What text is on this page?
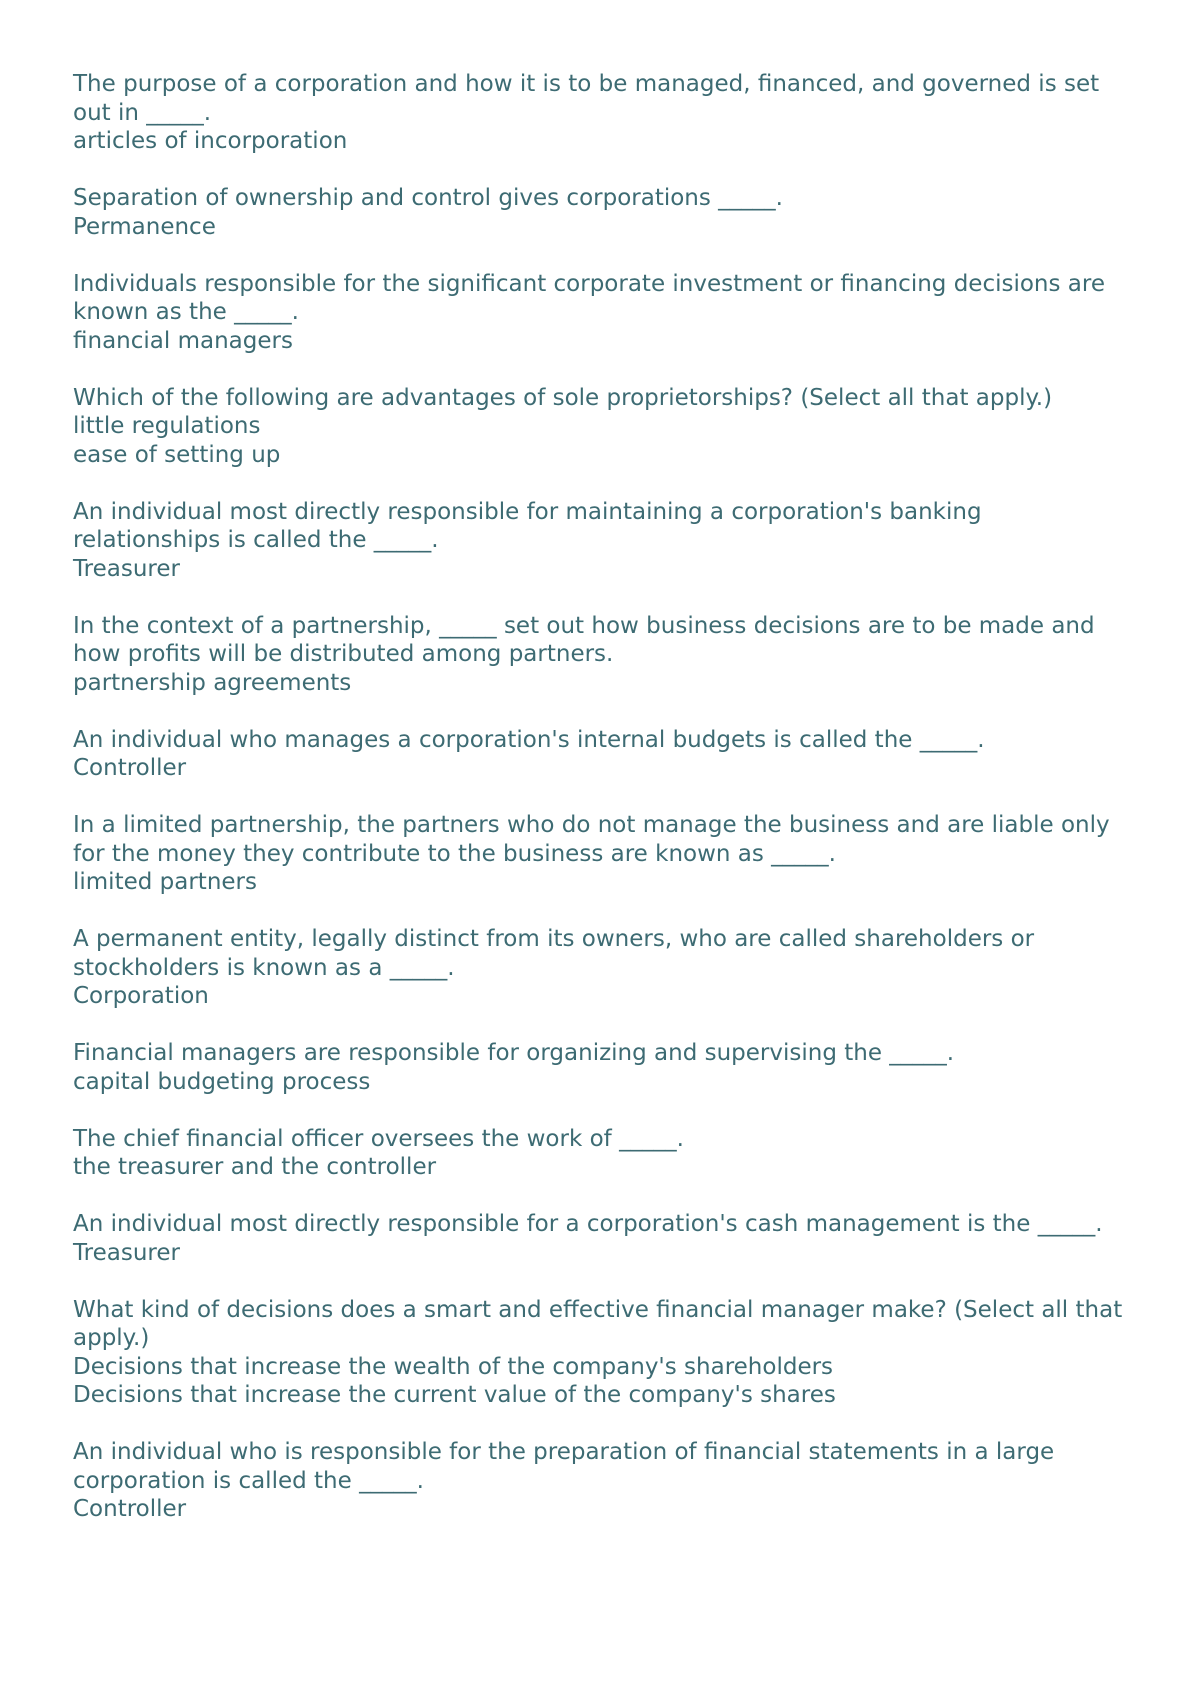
The purpose of a corporation and how it is to be managed, financed, and governed is set out in _____.

articles of incorporation

Separation of ownership and control gives corporations _____.

Permanence

Individuals responsible for the significant corporate investment or financing decisions are known as the _____.

financial managers

Which of the following are advantages of sole proprietorships? (Select all that apply.)

little regulations

ease of setting up

An individual most directly responsible for maintaining a corporation's banking relationships is called the _____.

Treasurer

In the context of a partnership, _____ set out how business decisions are to be made and how profits will be distributed among partners.

partnership agreements

An individual who manages a corporation's internal budgets is called the _____.

Controller

In a limited partnership, the partners who do not manage the business and are liable only for the money they contribute to the business are known as _____.

limited partners

A permanent entity, legally distinct from its owners, who are called shareholders or stockholders is known as a _____.

Corporation

Financial managers are responsible for organizing and supervising the _____.

capital budgeting process

The chief financial officer oversees the work of _____.

the treasurer and the controller

An individual most directly responsible for a corporation's cash management is the _____.

Treasurer

What kind of decisions does a smart and effective financial manager make? (Select all that apply.)

Decisions that increase the wealth of the company's shareholders

Decisions that increase the current value of the company's shares

An individual who is responsible for the preparation of financial statements in a large corporation is called the _____.

Controller
